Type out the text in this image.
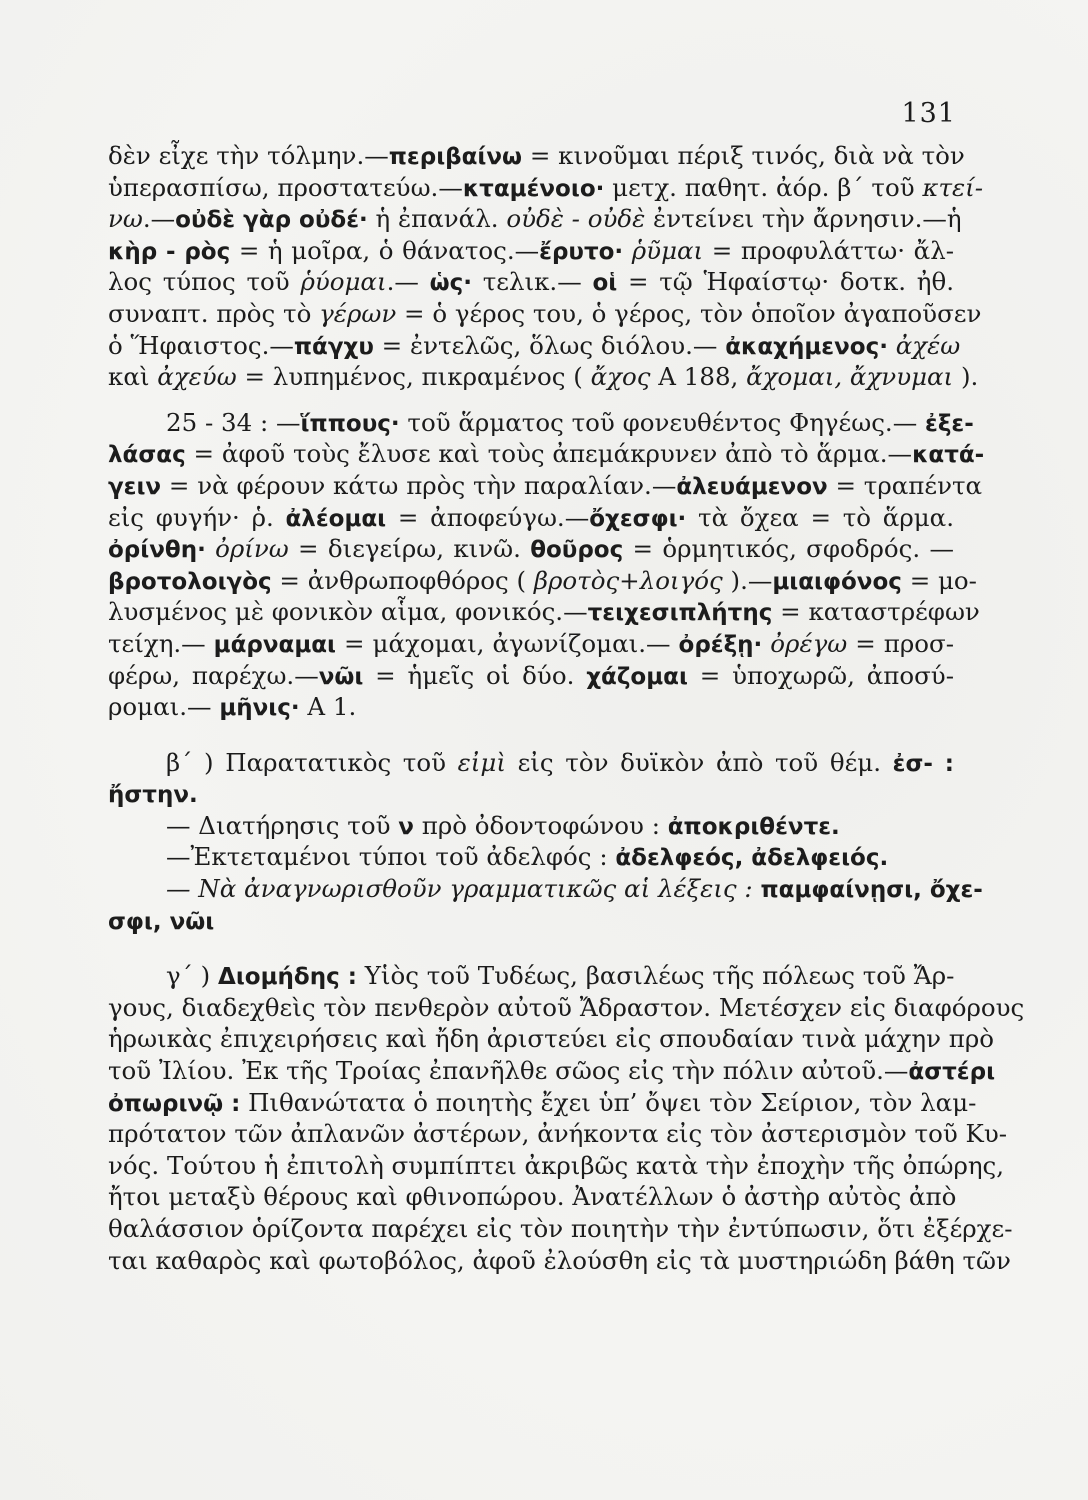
131
δὲν εἶχε τὴν τόλμην.—περιβαίνω = κινοῦμαι πέριξ τινός, διὰ νὰ τὸν
ὑπερασπίσω, προστατεύω.—κταμένοιο· μετχ. παθητ. ἀόρ. β΄ τοῦ κτεί-
νω.—οὐδὲ γὰρ οὐδέ· ἡ ἐπανάλ. οὐδὲ - οὐδὲ ἐντείνει τὴν ἄρνησιν.—ἡ
κὴρ - ρὸς = ἡ μοῖρα, ὁ θάνατος.—ἔρυτο· ῥῦμαι = προφυλάττω· ἄλ-
λος τύπος τοῦ ῥύομαι.— ὡς· τελικ.— οἱ = τῷ Ἡφαίστῳ· δοτκ. ἠθ.
συναπτ. πρὸς τὸ γέρων = ὁ γέρος του, ὁ γέρος, τὸν ὁποῖον ἀγαποῦσεν
ὁ Ἥφαιστος.—πάγχυ = ἐντελῶς, ὅλως διόλου.— ἀκαχήμενος· ἀχέω
καὶ ἀχεύω = λυπημένος, πικραμένος ( ἄχος Α 188, ἄχομαι, ἄχνυμαι ).
25 - 34 : —ἵππους· τοῦ ἅρματος τοῦ φονευθέντος Φηγέως.— ἐξε-
λάσας = ἀφοῦ τοὺς ἔλυσε καὶ τοὺς ἀπεμάκρυνεν ἀπὸ τὸ ἅρμα.—κατά-
γειν = νὰ φέρουν κάτω πρὸς τὴν παραλίαν.—ἀλευάμενον = τραπέντα
εἰς φυγήν· ῥ. ἀλέομαι = ἀποφεύγω.—ὄχεσφι· τὰ ὄχεα = τὸ ἅρμα.
ὀρίνθη· ὀρίνω = διεγείρω, κινῶ. θοῦρος = ὁρμητικός, σφοδρός. —
βροτολοιγὸς = ἀνθρωποφθόρος ( βροτὸς+λοιγός ).—μιαιφόνος = μο-
λυσμένος μὲ φονικὸν αἷμα, φονικός.—τειχεσιπλήτης = καταστρέφων
τείχη.— μάρναμαι = μάχομαι, ἀγωνίζομαι.— ὀρέξῃ· ὀρέγω = προσ-
φέρω, παρέχω.—νῶι = ἡμεῖς οἱ δύο. χάζομαι = ὑποχωρῶ, ἀποσύ-
ρομαι.— μῆνις· Α 1.
β΄ ) Παρατατικὸς τοῦ εἰμὶ εἰς τὸν δυϊκὸν ἀπὸ τοῦ θέμ. ἐσ- :
ἤστην.
— Διατήρησις τοῦ ν πρὸ ὀδοντοφώνου : ἀποκριθέντε.
—Ἐκτεταμένοι τύποι τοῦ ἀδελφός : ἀδελφεός, ἀδελφειός.
— Νὰ ἀναγνωρισθοῦν γραμματικῶς αἱ λέξεις : παμφαίνῃσι, ὄχε-
σφι, νῶι
γ΄ ) Διομήδης : Υἱὸς τοῦ Τυδέως, βασιλέως τῆς πόλεως τοῦ Ἄρ-
γους, διαδεχθεὶς τὸν πενθερὸν αὐτοῦ Ἄδραστον. Μετέσχεν εἰς διαφόρους
ἡρωικὰς ἐπιχειρήσεις καὶ ἤδη ἀριστεύει εἰς σπουδαίαν τινὰ μάχην πρὸ
τοῦ Ἰλίου. Ἐκ τῆς Τροίας ἐπανῆλθε σῶος εἰς τὴν πόλιν αὐτοῦ.—ἀστέρι
ὀπωρινῷ : Πιθανώτατα ὁ ποιητὴς ἔχει ὑπ’ ὄψει τὸν Σείριον, τὸν λαμ-
πρότατον τῶν ἀπλανῶν ἀστέρων, ἀνήκοντα εἰς τὸν ἀστερισμὸν τοῦ Κυ-
νός. Τούτου ἡ ἐπιτολὴ συμπίπτει ἀκριβῶς κατὰ τὴν ἐποχὴν τῆς ὀπώρης,
ἤτοι μεταξὺ θέρους καὶ φθινοπώρου. Ἀνατέλλων ὁ ἀστὴρ αὐτὸς ἀπὸ
θαλάσσιον ὁρίζοντα παρέχει εἰς τὸν ποιητὴν τὴν ἐντύπωσιν, ὅτι ἐξέρχε-
ται καθαρὸς καὶ φωτοβόλος, ἀφοῦ ἐλούσθη εἰς τὰ μυστηριώδη βάθη τῶν
